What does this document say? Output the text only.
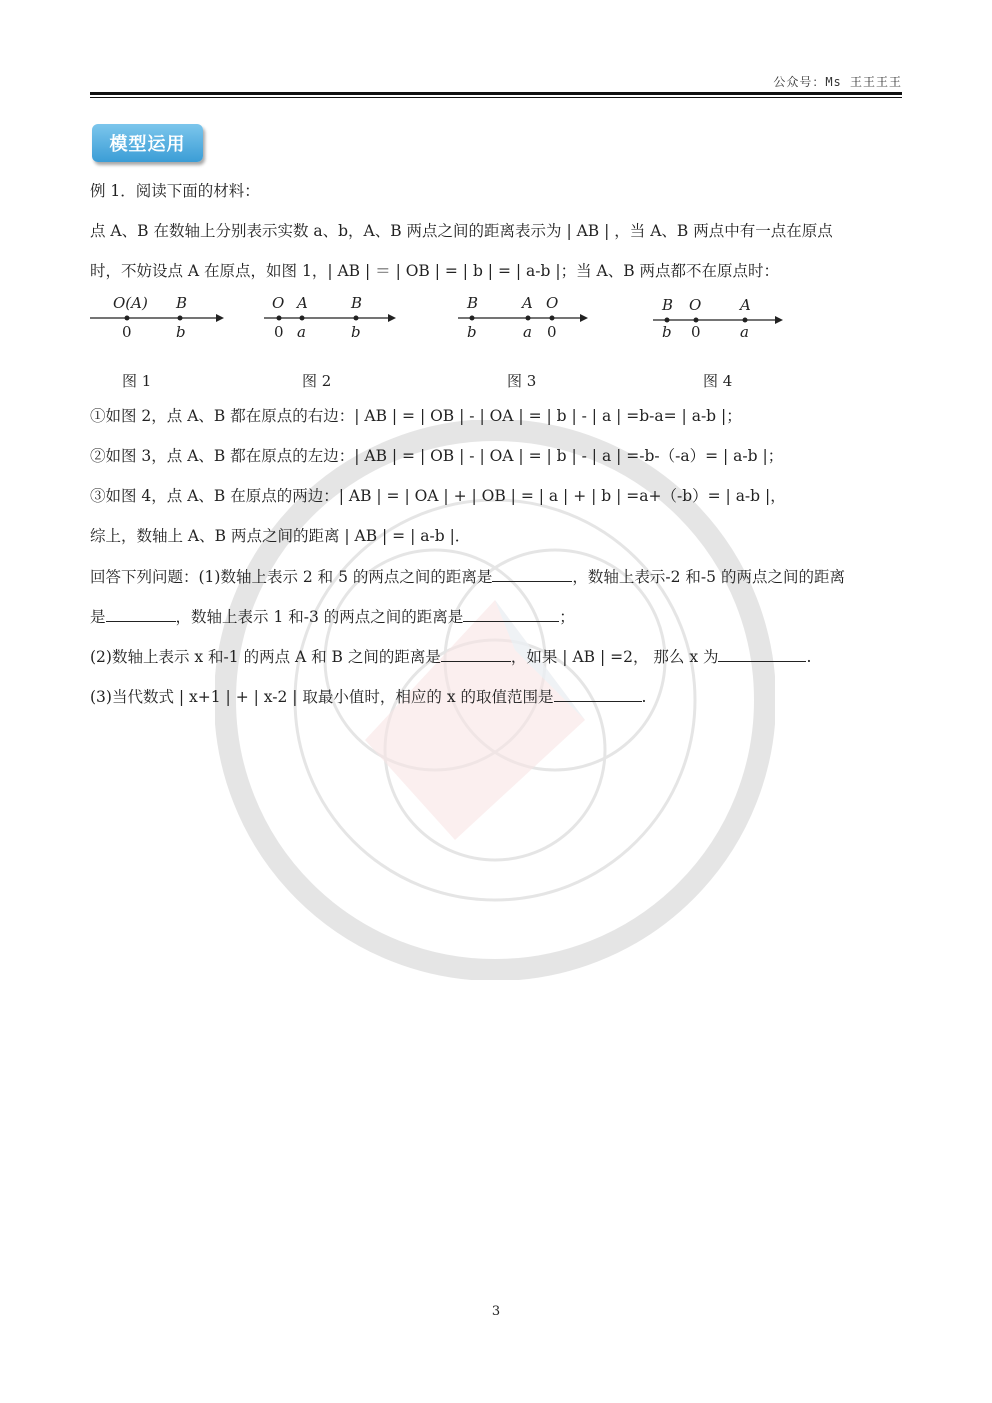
公众号：Ms 王王王王
模型运用
例 1．阅读下面的材料：
点 A、B 在数轴上分别表示实数 a、b，A、B 两点之间的距离表示为 | AB | ，当 A、B 两点中有一点在原点
时，不妨设点 A 在原点，如图 1，| AB | ＝ | OB | = | b | = | a-b |；当 A、B 两点都不在原点时：
O(A) B
0	b
O A	B
0 a	b
B	A O
b	a 0
B O	A
b 0	a
图 1	图 2	图 3	图 4
①如图 2，点 A、B 都在原点的右边：| AB | = | OB | - | OA | = | b | - | a | =b-a= | a-b |；
②如图 3，点 A、B 都在原点的左边：| AB | = | OB | - | OA | = | b | - | a | =-b-（-a）= | a-b |；
③如图 4，点 A、B 在原点的两边：| AB | = | OA | + | OB | = | a | + | b | =a+（-b）= | a-b |，
综上，数轴上 A、B 两点之间的距离 | AB | = | a-b |．
回答下列问题：(1)数轴上表示 2 和 5 的两点之间的距离是	，数轴上表示-2 和-5 的两点之间的距离
是	，数轴上表示 1 和-3 的两点之间的距离是	；
(2)数轴上表示 x 和-1 的两点 A 和 B 之间的距离是	，如果 | AB | =2， 那么 x 为	.
(3)当代数式 | x+1 | + | x-2 | 取最小值时，相应的 x 的取值范围是	.
3
